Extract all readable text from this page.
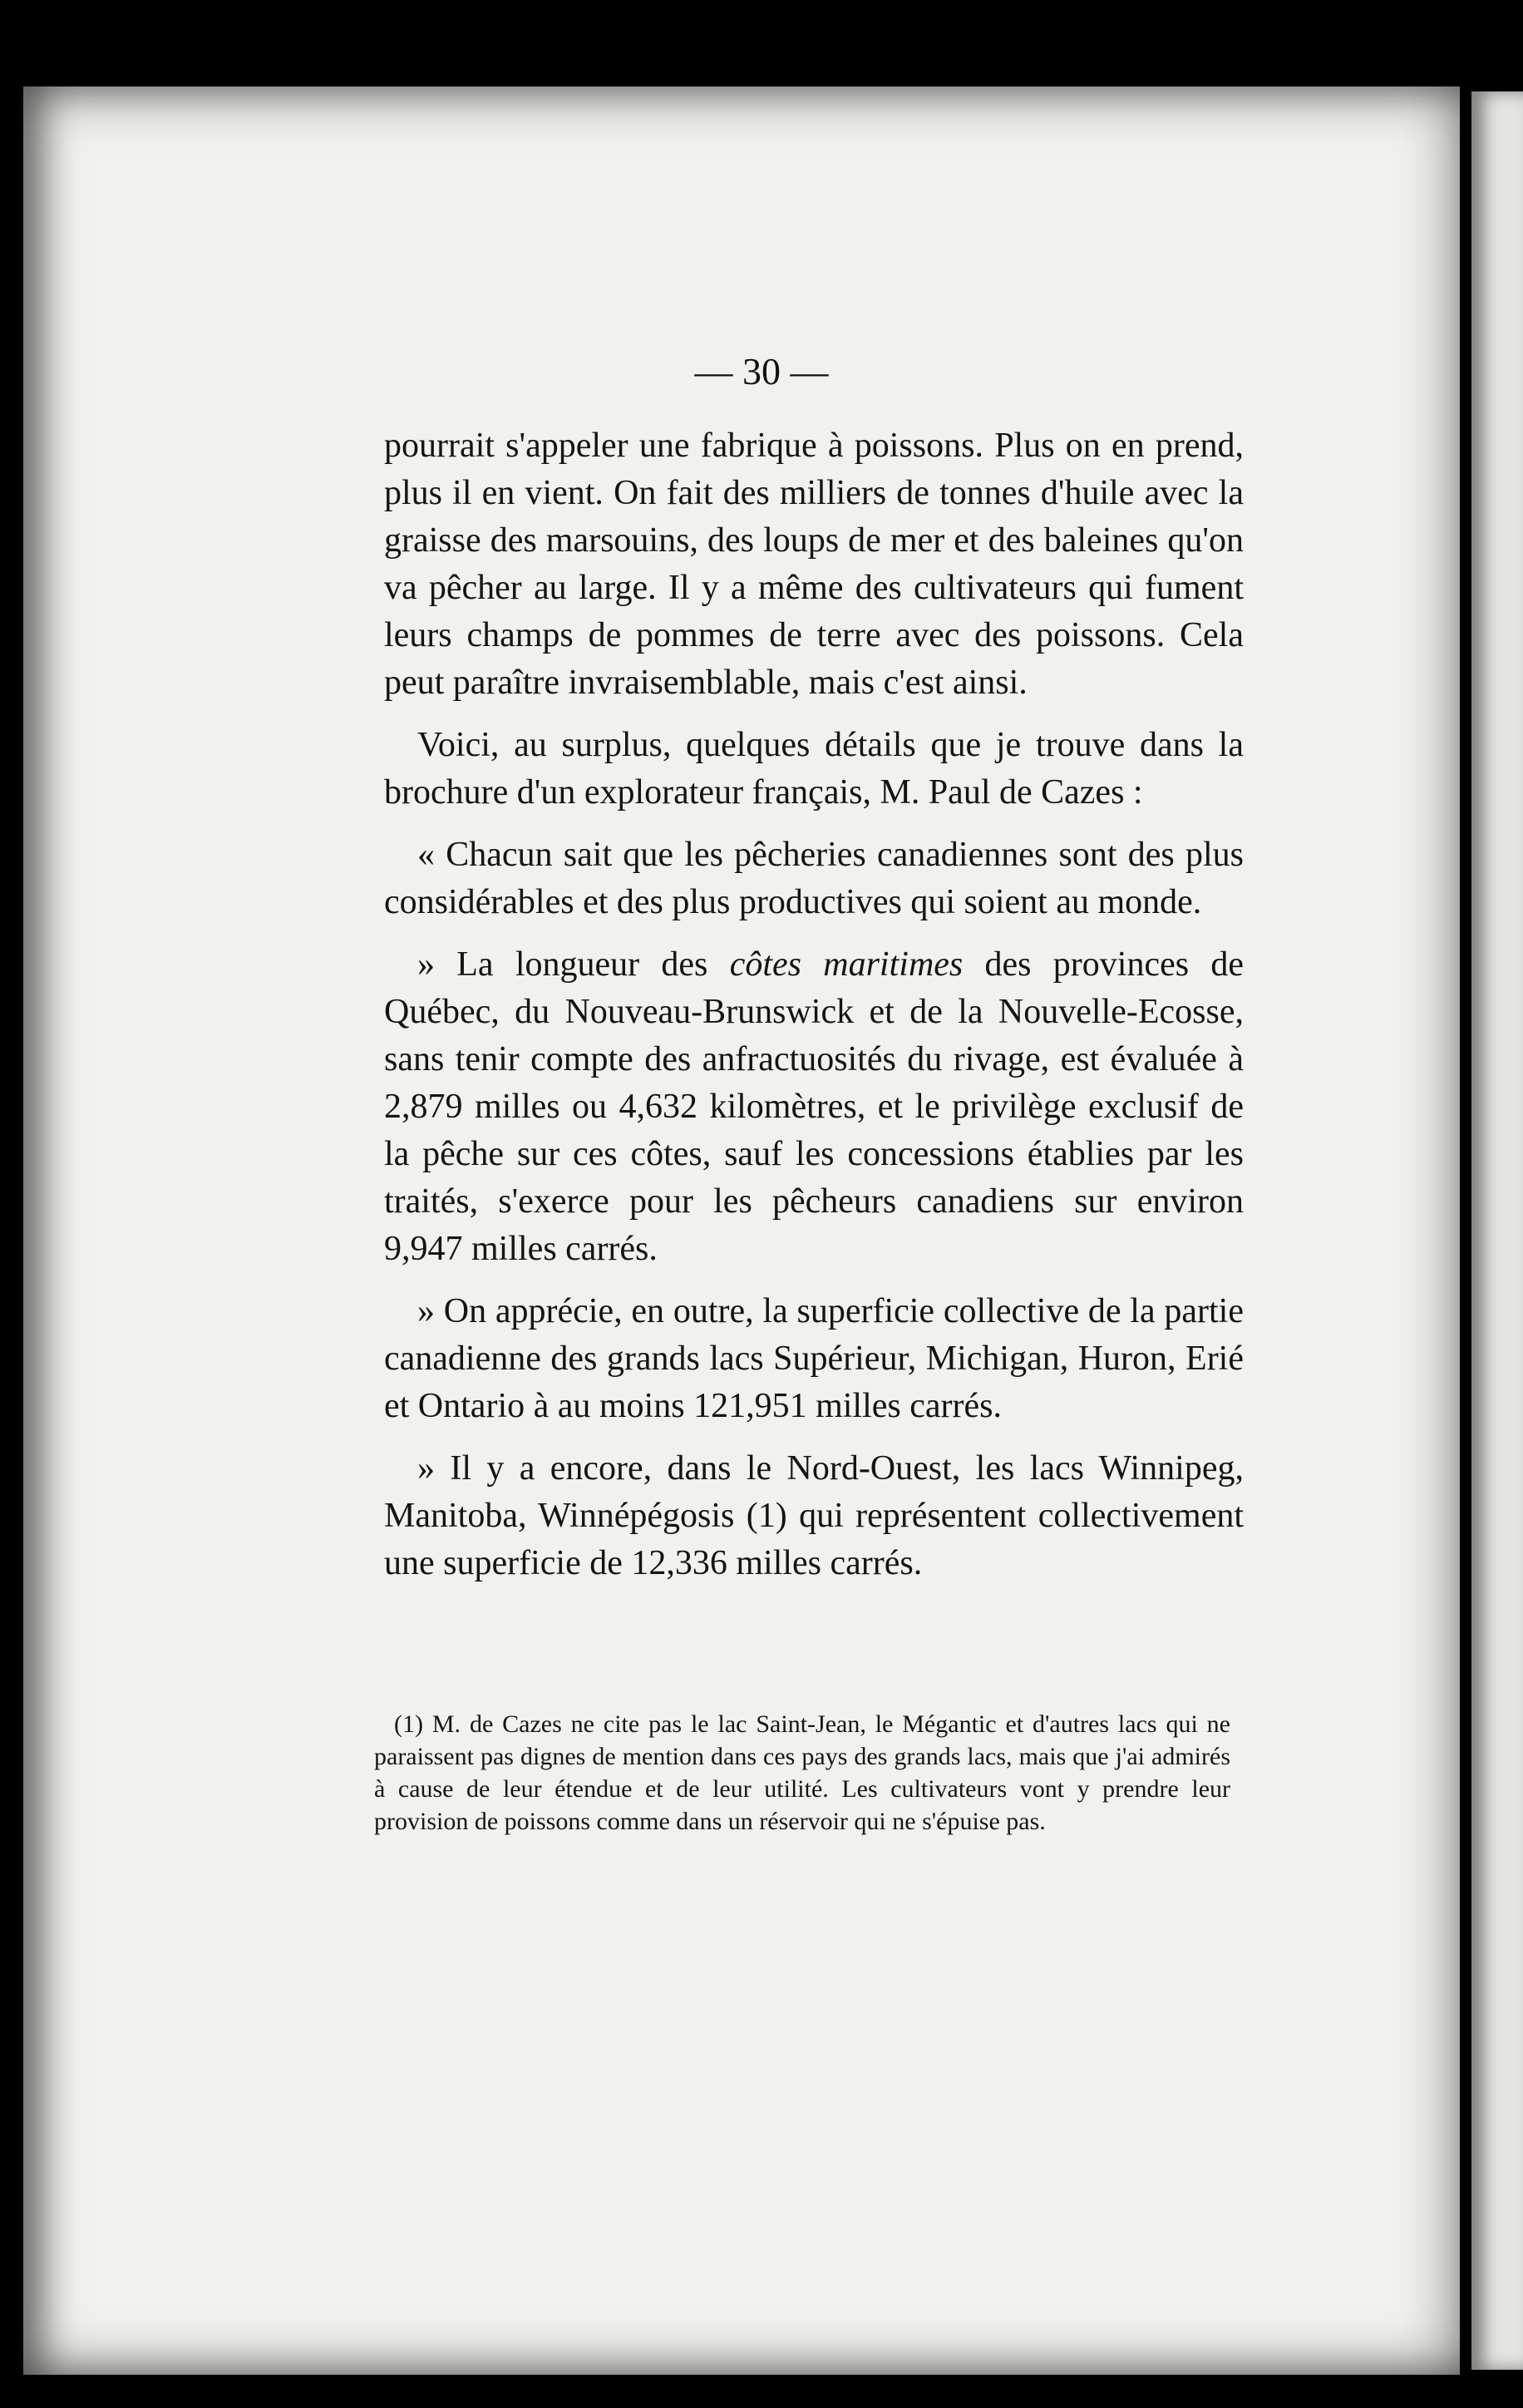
— 30 —

pourrait s'appeler une fabrique à poissons. Plus on en prend, plus il en vient. On fait des milliers de tonnes d'huile avec la graisse des marsouins, des loups de mer et des baleines qu'on va pêcher au large. Il y a même des cultivateurs qui fument leurs champs de pommes de terre avec des poissons. Cela peut paraître invraisemblable, mais c'est ainsi.

Voici, au surplus, quelques détails que je trouve dans la brochure d'un explorateur français, M. Paul de Cazes :

« Chacun sait que les pêcheries canadiennes sont des plus considérables et des plus productives qui soient au monde.

» La longueur des côtes maritimes des provinces de Québec, du Nouveau-Brunswick et de la Nouvelle-Ecosse, sans tenir compte des anfractuosités du rivage, est évaluée à 2,879 milles ou 4,632 kilomètres, et le privilège exclusif de la pêche sur ces côtes, sauf les concessions établies par les traités, s'exerce pour les pêcheurs canadiens sur environ 9,947 milles carrés.

» On apprécie, en outre, la superficie collective de la partie canadienne des grands lacs Supérieur, Michigan, Huron, Erié et Ontario à au moins 121,951 milles carrés.

» Il y a encore, dans le Nord-Ouest, les lacs Winnipeg, Manitoba, Winnépégosis (1) qui représentent collectivement une superficie de 12,336 milles carrés.

(1) M. de Cazes ne cite pas le lac Saint-Jean, le Mégantic et d'autres lacs qui ne paraissent pas dignes de mention dans ces pays des grands lacs, mais que j'ai admirés à cause de leur étendue et de leur utilité. Les cultivateurs vont y prendre leur provision de poissons comme dans un réservoir qui ne s'épuise pas.
